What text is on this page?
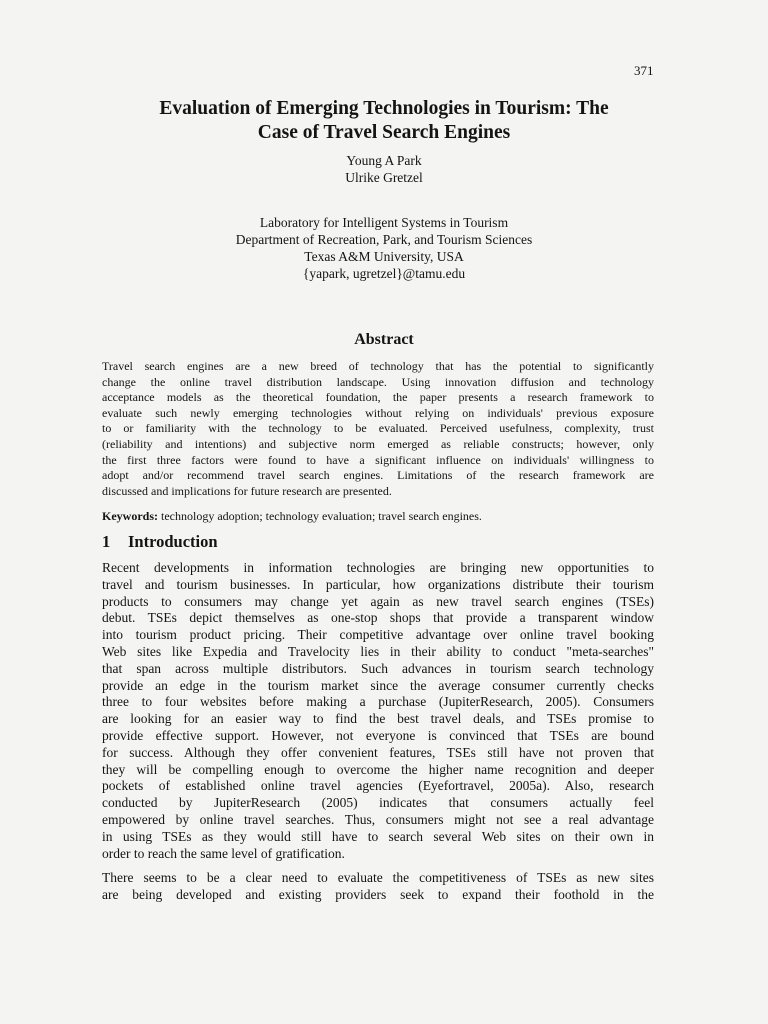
371
Evaluation of Emerging Technologies in Tourism: The
Case of Travel Search Engines
Young A Park
Ulrike Gretzel
Laboratory for Intelligent Systems in Tourism
Department of Recreation, Park, and Tourism Sciences
Texas A&M University, USA
{yapark, ugretzel}@tamu.edu
Abstract
Travel search engines are a new breed of technology that has the potential to significantly
change the online travel distribution landscape. Using innovation diffusion and technology
acceptance models as the theoretical foundation, the paper presents a research framework to
evaluate such newly emerging technologies without relying on individuals' previous exposure
to or familiarity with the technology to be evaluated. Perceived usefulness, complexity, trust
(reliability and intentions) and subjective norm emerged as reliable constructs; however, only
the first three factors were found to have a significant influence on individuals' willingness to
adopt and/or recommend travel search engines. Limitations of the research framework are
discussed and implications for future research are presented.
Keywords: technology adoption; technology evaluation; travel search engines.
1 Introduction
Recent developments in information technologies are bringing new opportunities to
travel and tourism businesses. In particular, how organizations distribute their tourism
products to consumers may change yet again as new travel search engines (TSEs)
debut. TSEs depict themselves as one-stop shops that provide a transparent window
into tourism product pricing. Their competitive advantage over online travel booking
Web sites like Expedia and Travelocity lies in their ability to conduct "meta-searches"
that span across multiple distributors. Such advances in tourism search technology
provide an edge in the tourism market since the average consumer currently checks
three to four websites before making a purchase (JupiterResearch, 2005). Consumers
are looking for an easier way to find the best travel deals, and TSEs promise to
provide effective support. However, not everyone is convinced that TSEs are bound
for success. Although they offer convenient features, TSEs still have not proven that
they will be compelling enough to overcome the higher name recognition and deeper
pockets of established online travel agencies (Eyefortravel, 2005a). Also, research
conducted by JupiterResearch (2005) indicates that consumers actually feel
empowered by online travel searches. Thus, consumers might not see a real advantage
in using TSEs as they would still have to search several Web sites on their own in
order to reach the same level of gratification.
There seems to be a clear need to evaluate the competitiveness of TSEs as new sites
are being developed and existing providers seek to expand their foothold in the
